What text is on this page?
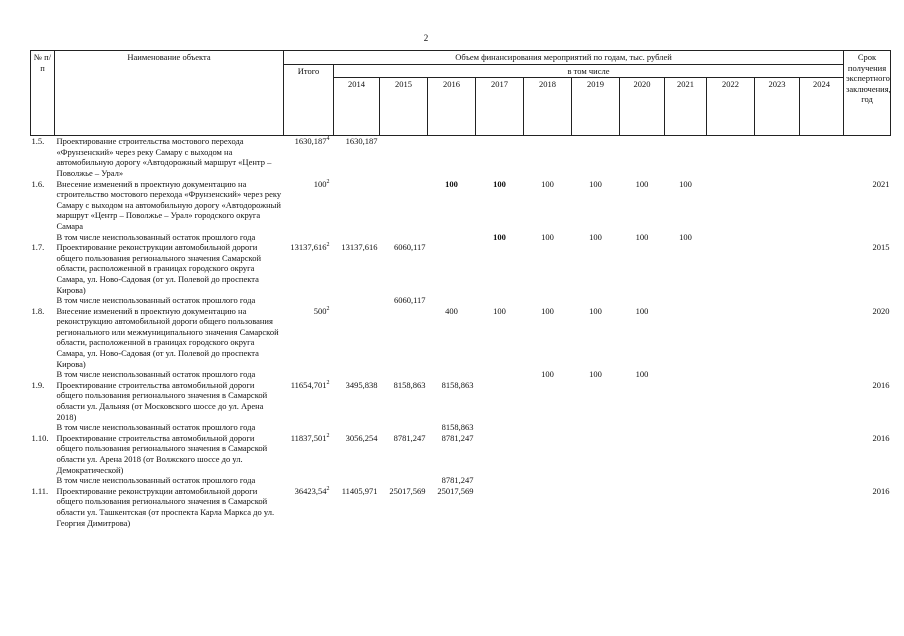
2
№ п/п	Наименование объекта	Объем финансирования мероприятий по годам, тыс. рублей												Срок получения экспертного заключения, год
		Итого	в том числе											
			2014	2015	2016	2017	2018	2019	2020	2021	2022	2023	2024	
1.5.	Проектирование строительства мостового перехода «Фрунзенский» через реку Самару с выходом на автомобильную дорогу «Автодорожный маршрут «Центр – Поволжье – Урал»	1630,187$^4$	1630,187											
1.6.	Внесение изменений в проектную документацию на строительство мостового перехода «Фрунзенский» через реку Самару с выходом на автомобильную дорогу «Автодорожный маршрут «Центр – Поволжье – Урал» городского округа Самара	$100^2$			100	100	100	100	100	100				2021
	В том числе неиспользованный остаток прошлого года					100	100	100	100	100				
1.7.	Проектирование реконструкции автомобильной дороги общего пользования регионального значения Самарской области, расположенной в границах городского округа Самара, ул. Ново-Садовая (от ул. Полевой до проспекта Кирова)	13137,616$^2$	13137,616	6060,117										2015
	В том числе неиспользованный остаток прошлого года			6060,117										
1.8.	Внесение изменений в проектную документацию на реконструкцию автомобильной дороги общего пользования регионального или межмуниципального значения Самарской области, расположенной в границах городского округа Самара, ул. Ново-Садовая (от ул. Полевой до проспекта Кирова)	$500^2$			400	100	100	100	100					2020
	В том числе неиспользованный остаток прошлого года						100	100	100					
1.9.	Проектирование строительства автомобильной дороги общего пользования регионального значения в Самарской области ул. Дальняя (от Московского шоссе до ул. Арена 2018)	11654,701$^2$	3495,838	8158,863	8158,863									2016
	В том числе неиспользованный остаток прошлого года				8158,863									
1.10.	Проектирование строительства автомобильной дороги общего пользования регионального значения в Самарской области ул. Арена 2018 (от Волжского шоссе до ул. Демократической)	11837,501$^2$	3056,254	8781,247	8781,247									2016
	В том числе неиспользованный остаток прошлого года				8781,247									
1.11.	Проектирование реконструкции автомобильной дороги общего пользования регионального значения в Самарской области ул. Ташкентская (от проспекта Карла Маркса до ул. Георгия Димитрова)	36423,54$^2$	11405,971	25017,569	25017,569									2016
